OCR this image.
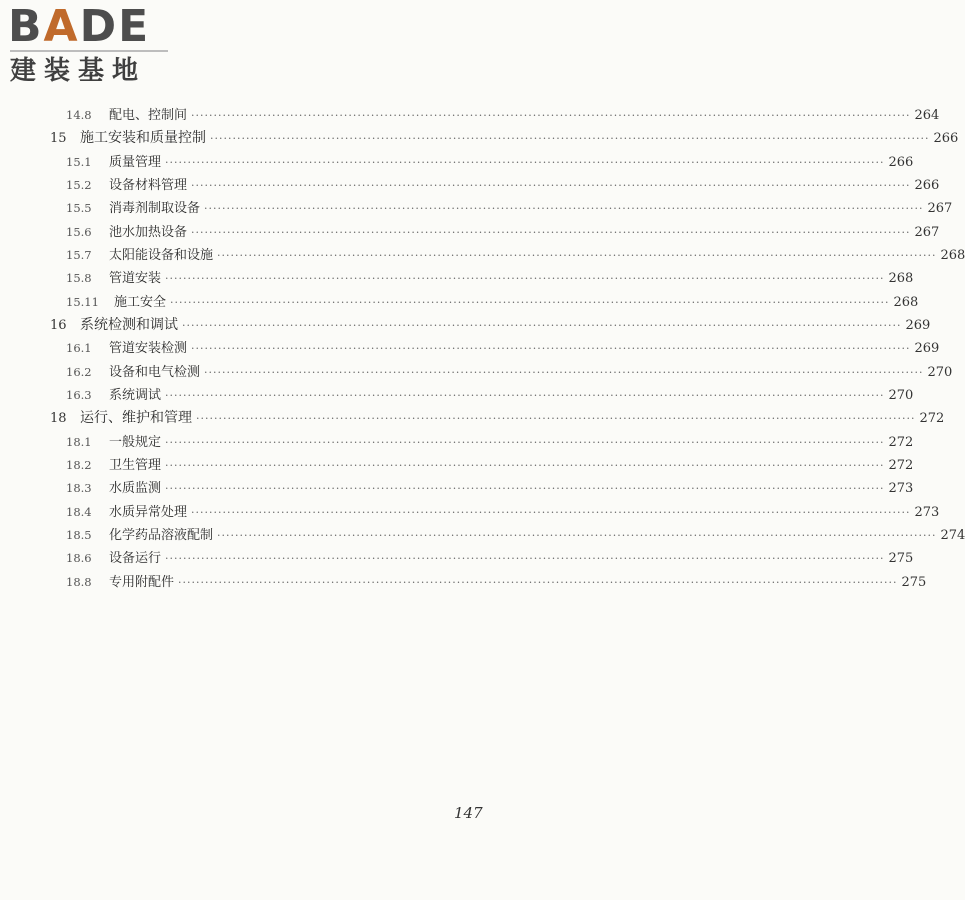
BADE
建装基地
14.8	配电、控制间 ································································································································································ 264
15 施工安装和质量控制 ································································································································································ 266
15.1	质量管理 ································································································································································ 266
15.2	设备材料管理 ································································································································································ 266
15.5	消毒剂制取设备 ································································································································································ 267
15.6	池水加热设备 ································································································································································ 267
15.7	太阳能设备和设施 ································································································································································ 268
15.8	管道安装 ································································································································································ 268
15.11	施工安全 ································································································································································ 268
16 系统检测和调试 ································································································································································ 269
16.1	管道安装检测 ································································································································································ 269
16.2	设备和电气检测 ································································································································································ 270
16.3	系统调试 ································································································································································ 270
18 运行、维护和管理 ································································································································································ 272
18.1	一般规定 ································································································································································ 272
18.2	卫生管理 ································································································································································ 272
18.3	水质监测 ································································································································································ 273
18.4	水质异常处理 ································································································································································ 273
18.5	化学药品溶液配制 ································································································································································ 274
18.6	设备运行 ································································································································································ 275
18.8	专用附配件 ································································································································································ 275
147
